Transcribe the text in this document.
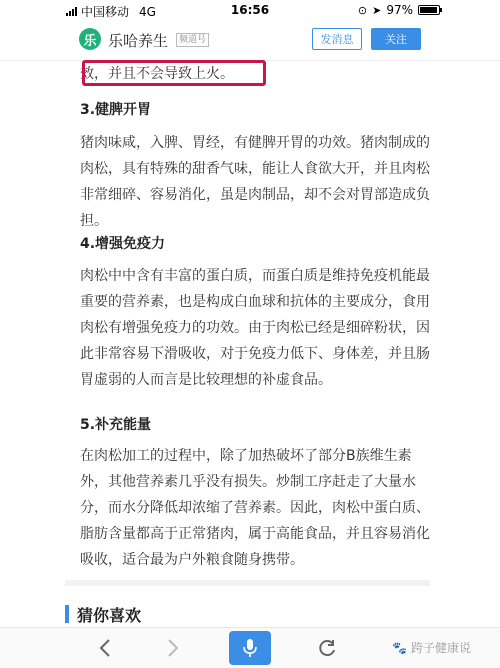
中国移动 4G	16:56	⊙ ➤ 97%
乐 乐哈养生	频道号	发消息	关注
效，并且不会导致上火。
3.健脾开胃

猪肉味咸，入脾、胃经，有健脾开胃的功效。猪肉制成的肉松，具有特殊的甜香气味，能让人食欲大开，并且肉松非常细碎、容易消化，虽是肉制品，却不会对胃部造成负担。

4.增强免疫力

肉松中中含有丰富的蛋白质，而蛋白质是维持免疫机能最重要的营养素，也是构成白血球和抗体的主要成分，食用肉松有增强免疫力的功效。由于肉松已经是细碎粉状，因此非常容易下滑吸收，对于免疫力低下、身体差，并且肠胃虚弱的人而言是比较理想的补虚食品。

5.补充能量

在肉松加工的过程中，除了加热破坏了部分B族维生素外，其他营养素几乎没有损失。炒制工序赶走了大量水分，而水分降低却浓缩了营养素。因此，肉松中蛋白质、脂肪含量都高于正常猪肉，属于高能食品，并且容易消化吸收，适合最为户外粮食随身携带。

猜你喜欢
🐾 跨子健康说
